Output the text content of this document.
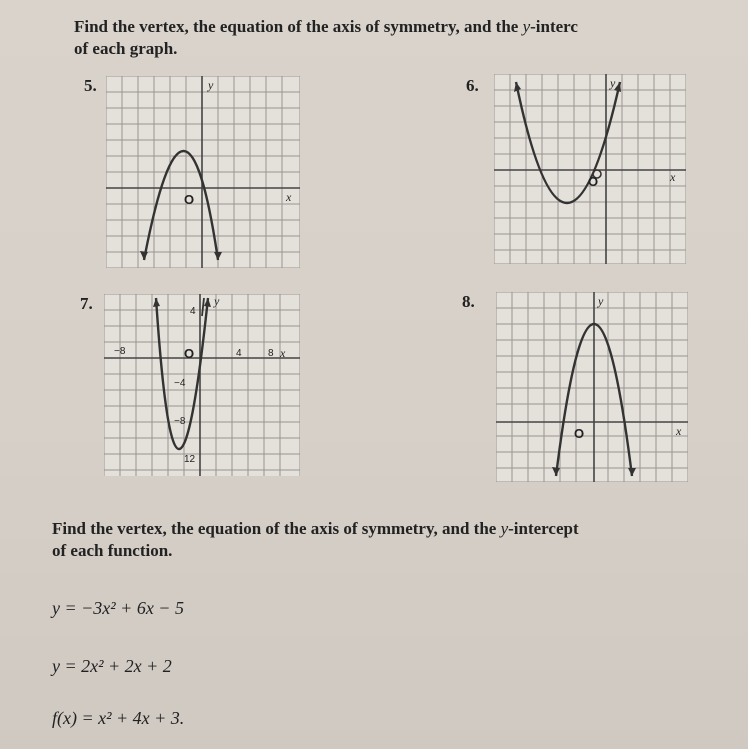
Find the vertex, the equation of the axis of symmetry, and the y-interc
of each graph.

5.	6.
7.	8.
y
O	x
y
O	x
y
4
−8	O	4	8 x
−4
−8
12
y
O	x

Find the vertex, the equation of the axis of symmetry, and the y-intercept
of each function.

y = −3x² + 6x − 5
y = 2x² + 2x + 2
f(x) = x² + 4x + 3.
